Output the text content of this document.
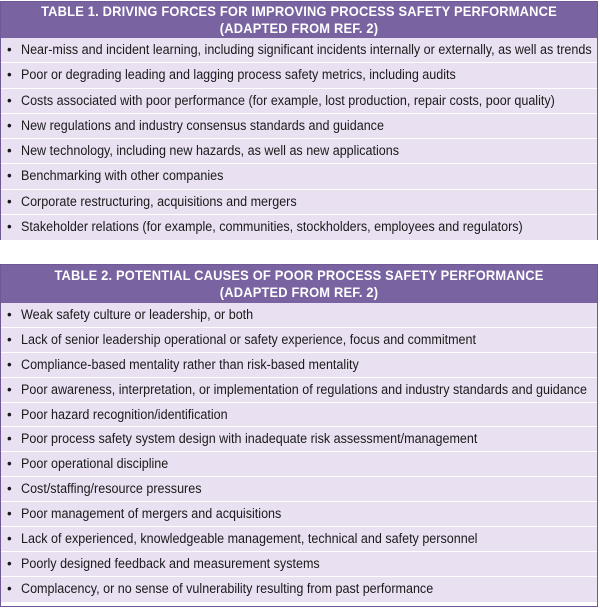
TABLE 1. DRIVING FORCES FOR IMPROVING PROCESS SAFETY PERFORMANCE
(ADAPTED FROM REF. 2)
• Near-miss and incident learning, including significant incidents internally or externally, as well as trends
• Poor or degrading leading and lagging process safety metrics, including audits
• Costs associated with poor performance (for example, lost production, repair costs, poor quality)
• New regulations and industry consensus standards and guidance
• New technology, including new hazards, as well as new applications
• Benchmarking with other companies
• Corporate restructuring, acquisitions and mergers
• Stakeholder relations (for example, communities, stockholders, employees and regulators)
TABLE 2. POTENTIAL CAUSES OF POOR PROCESS SAFETY PERFORMANCE
(ADAPTED FROM REF. 2)
• Weak safety culture or leadership, or both
• Lack of senior leadership operational or safety experience, focus and commitment
• Compliance-based mentality rather than risk-based mentality
• Poor awareness, interpretation, or implementation of regulations and industry standards and guidance
• Poor hazard recognition/identification
• Poor process safety system design with inadequate risk assessment/management
• Poor operational discipline
• Cost/staffing/resource pressures
• Poor management of mergers and acquisitions
• Lack of experienced, knowledgeable management, technical and safety personnel
• Poorly designed feedback and measurement systems
• Complacency, or no sense of vulnerability resulting from past performance
